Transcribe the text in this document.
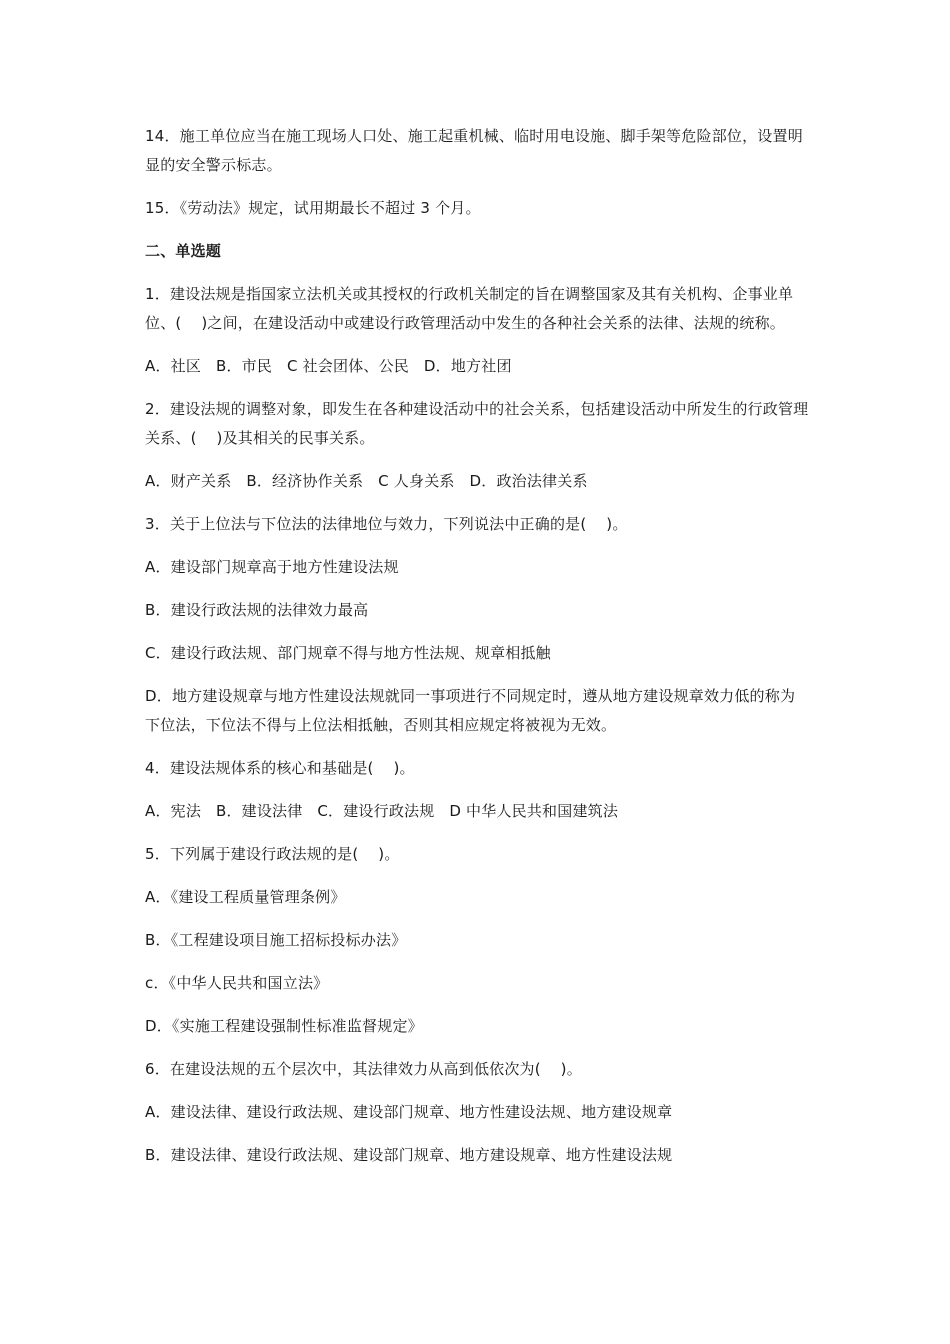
14．施工单位应当在施工现场人口处、施工起重机械、临时用电设施、脚手架等危险部位，设置明显的安全警示标志。

15．《劳动法》规定，试用期最长不超过 3 个月。

二、单选题

1．建设法规是指国家立法机关或其授权的行政机关制定的旨在调整国家及其有关机构、企事业单位、(    )之间，在建设活动中或建设行政管理活动中发生的各种社会关系的法律、法规的统称。

A．社区   B．市民   C 社会团体、公民   D．地方社团

2．建设法规的调整对象，即发生在各种建设活动中的社会关系，包括建设活动中所发生的行政管理关系、(    )及其相关的民事关系。

A．财产关系   B．经济协作关系   C 人身关系   D．政治法律关系

3．关于上位法与下位法的法律地位与效力，下列说法中正确的是(    )。

A．建设部门规章高于地方性建设法规

B．建设行政法规的法律效力最高

C．建设行政法规、部门规章不得与地方性法规、规章相抵触

D．地方建设规章与地方性建设法规就同一事项进行不同规定时，遵从地方建设规章效力低的称为下位法，下位法不得与上位法相抵触，否则其相应规定将被视为无效。

4．建设法规体系的核心和基础是(    )。

A．宪法   B．建设法律   C．建设行政法规   D 中华人民共和国建筑法

5．下列属于建设行政法规的是(    )。

A．《建设工程质量管理条例》

B．《工程建设项目施工招标投标办法》

c．《中华人民共和国立法》

D．《实施工程建设强制性标准监督规定》

6．在建设法规的五个层次中，其法律效力从高到低依次为(    )。

A．建设法律、建设行政法规、建设部门规章、地方性建设法规、地方建设规章

B．建设法律、建设行政法规、建设部门规章、地方建设规章、地方性建设法规
